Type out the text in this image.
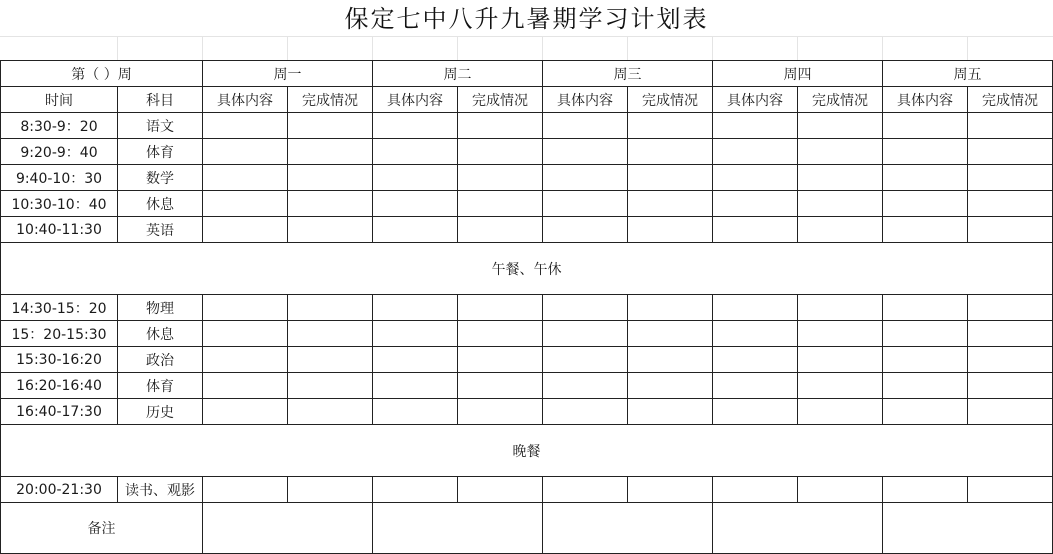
保定七中八升九暑期学习计划表
第（ ）周		周一		周二		周三		周四		周五	
时间	科目	具体内容	完成情况	具体内容	完成情况	具体内容	完成情况	具体内容	完成情况	具体内容	完成情况
8:30-9：20	语文										
9:20-9：40	体育										
9:40-10：30	数学										
10:30-10：40	休息										
10:40-11:30	英语										
午餐、午休											
14:30-15：20	物理										
15：20-15:30	休息										
15:30-16:20	政治										
16:20-16:40	体育										
16:40-17:30	历史										
晚餐											
20:00-21:30	读书、观影										
备注											
